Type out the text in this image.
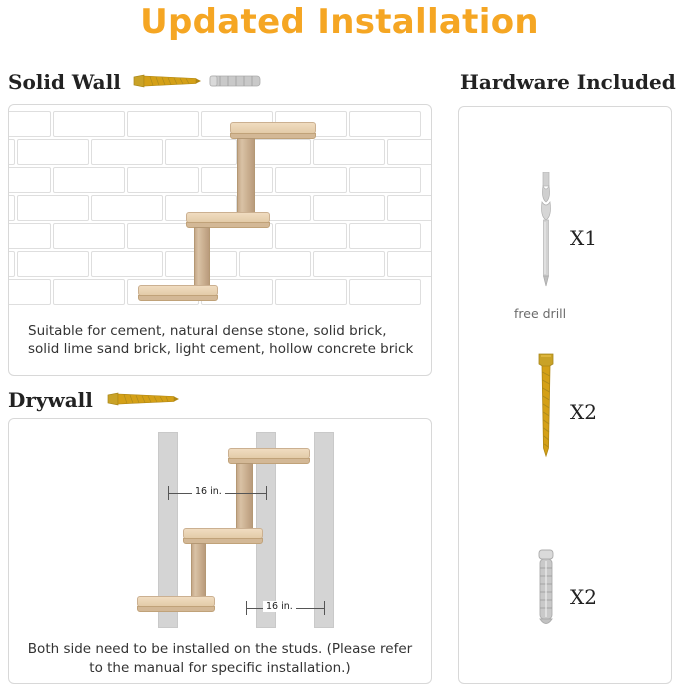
Updated Installation
Solid Wall
Suitable for cement, natural dense stone, solid brick, solid lime sand brick, light cement, hollow concrete brick
Drywall
16 in.
16 in.
Both side need to be installed on the studs. (Please refer to the manual for specific installation.)
Hardware Included
X1
free drill
X2
X2
